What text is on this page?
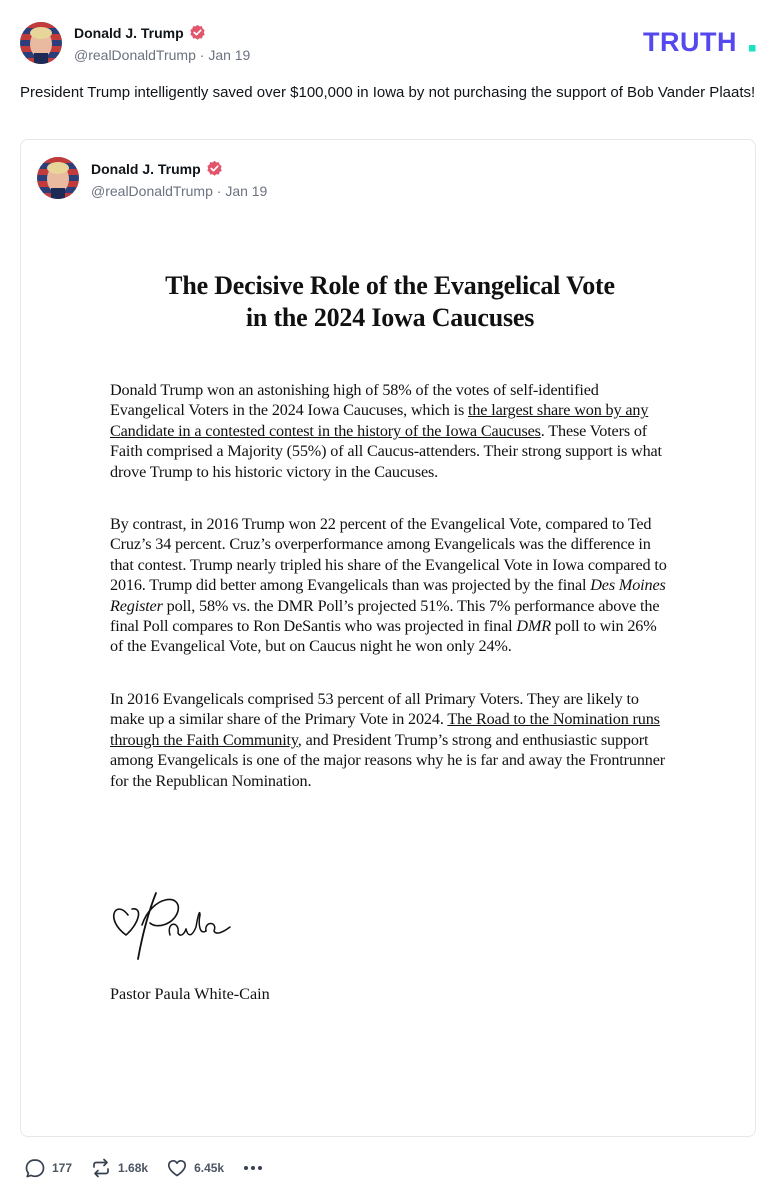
Donald J. Trump
@realDonaldTrump · Jan 19	TRUTH
President Trump intelligently saved over $100,000 in Iowa by not purchasing the support of Bob Vander Plaats!
Donald J. Trump
@realDonaldTrump · Jan 19
The Decisive Role of the Evangelical Vote
in the 2024 Iowa Caucuses

Donald Trump won an astonishing high of 58% of the votes of self-identified Evangelical Voters in the 2024 Iowa Caucuses, which is the largest share won by any Candidate in a contested contest in the history of the Iowa Caucuses. These Voters of Faith comprised a Majority (55%) of all Caucus-attenders. Their strong support is what drove Trump to his historic victory in the Caucuses.

By contrast, in 2016 Trump won 22 percent of the Evangelical Vote, compared to Ted Cruz’s 34 percent. Cruz’s overperformance among Evangelicals was the difference in that contest. Trump nearly tripled his share of the Evangelical Vote in Iowa compared to 2016. Trump did better among Evangelicals than was projected by the final Des Moines Register poll, 58% vs. the DMR Poll’s projected 51%. This 7% performance above the final Poll compares to Ron DeSantis who was projected in final DMR poll to win 26% of the Evangelical Vote, but on Caucus night he won only 24%.

In 2016 Evangelicals comprised 53 percent of all Primary Voters. They are likely to make up a similar share of the Primary Vote in 2024. The Road to the Nomination runs through the Faith Community, and President Trump’s strong and enthusiastic support among Evangelicals is one of the major reasons why he is far and away the Frontrunner for the Republican Nomination.

Pastor Paula White-Cain
177	1.68k	6.45k
